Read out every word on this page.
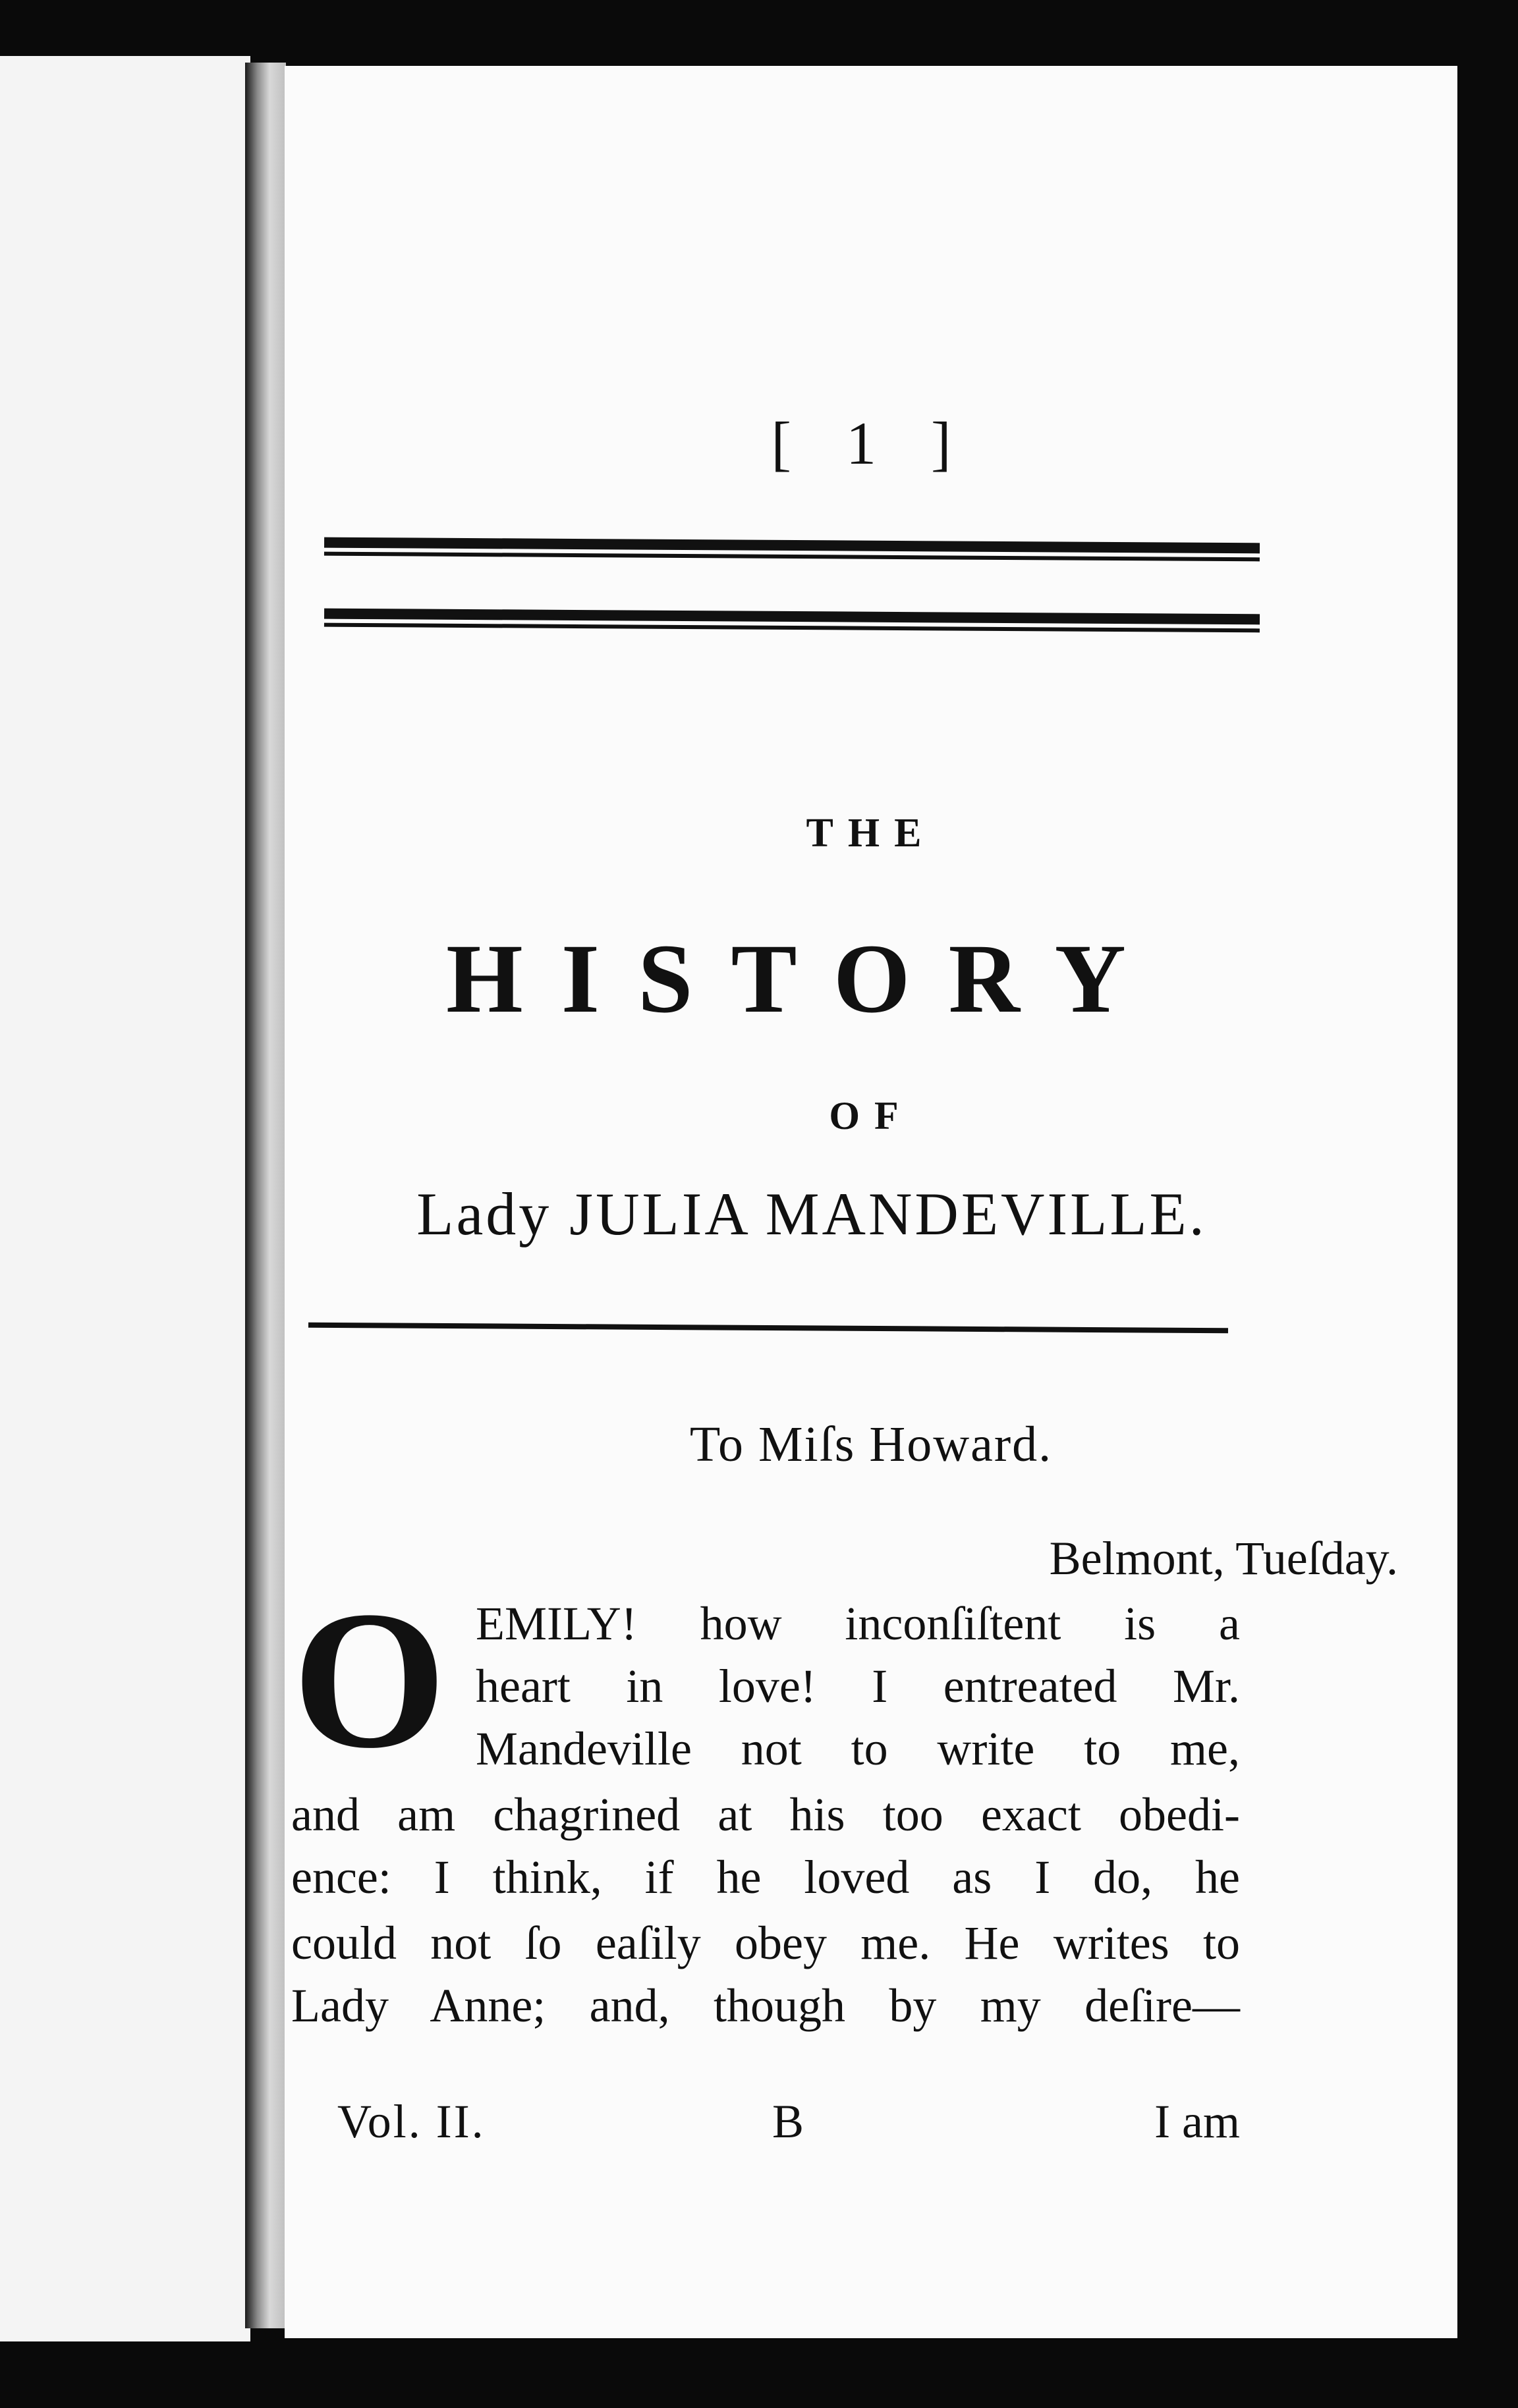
[ 1 ]
THE
HISTORY
OF
Lady JULIA MANDEVILLE.
To Miſs Howard.
Belmont, Tueſday.
O EMILY! how inconſiſtent is a
heart in love! I entreated Mr.
Mandeville not to write to me,
and am chagrined at his too exact obedi-
ence: I think, if he loved as I do, he
could not ſo eaſily obey me. He writes to
Lady Anne; and, though by my deſire—
Vol. II.	B	I am
